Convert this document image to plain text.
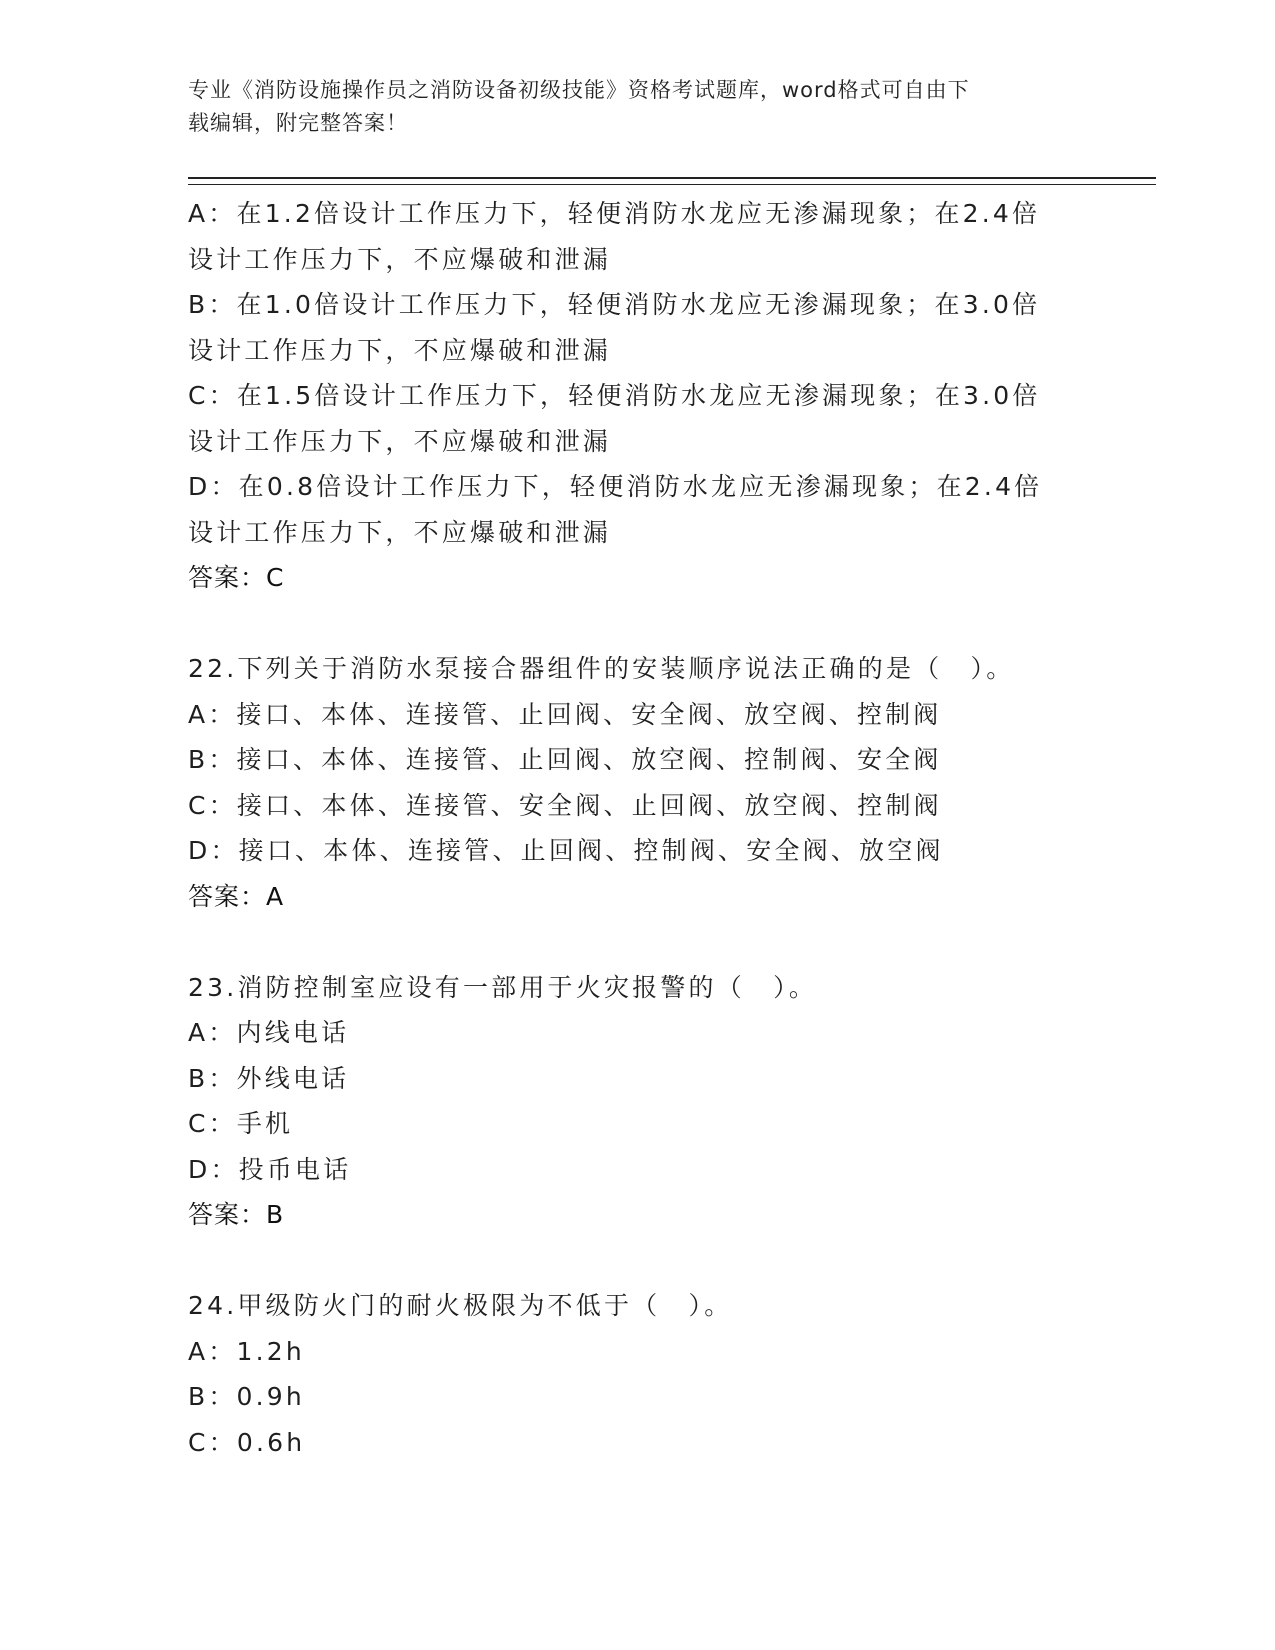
专业《消防设施操作员之消防设备初级技能》资格考试题库，word格式可自由下
载编辑，附完整答案！
A：在1.2倍设计工作压力下，轻便消防水龙应无渗漏现象；在2.4倍
设计工作压力下，不应爆破和泄漏
B：在1.0倍设计工作压力下，轻便消防水龙应无渗漏现象；在3.0倍
设计工作压力下，不应爆破和泄漏
C：在1.5倍设计工作压力下，轻便消防水龙应无渗漏现象；在3.0倍
设计工作压力下，不应爆破和泄漏
D：在0.8倍设计工作压力下，轻便消防水龙应无渗漏现象；在2.4倍
设计工作压力下，不应爆破和泄漏
答案：C
22.下列关于消防水泵接合器组件的安装顺序说法正确的是（　）。
A：接口、本体、连接管、止回阀、安全阀、放空阀、控制阀
B：接口、本体、连接管、止回阀、放空阀、控制阀、安全阀
C：接口、本体、连接管、安全阀、止回阀、放空阀、控制阀
D：接口、本体、连接管、止回阀、控制阀、安全阀、放空阀
答案：A
23.消防控制室应设有一部用于火灾报警的（　）。
A：内线电话
B：外线电话
C：手机
D：投币电话
答案：B
24.甲级防火门的耐火极限为不低于（　）。
A：1.2h
B：0.9h
C：0.6h
